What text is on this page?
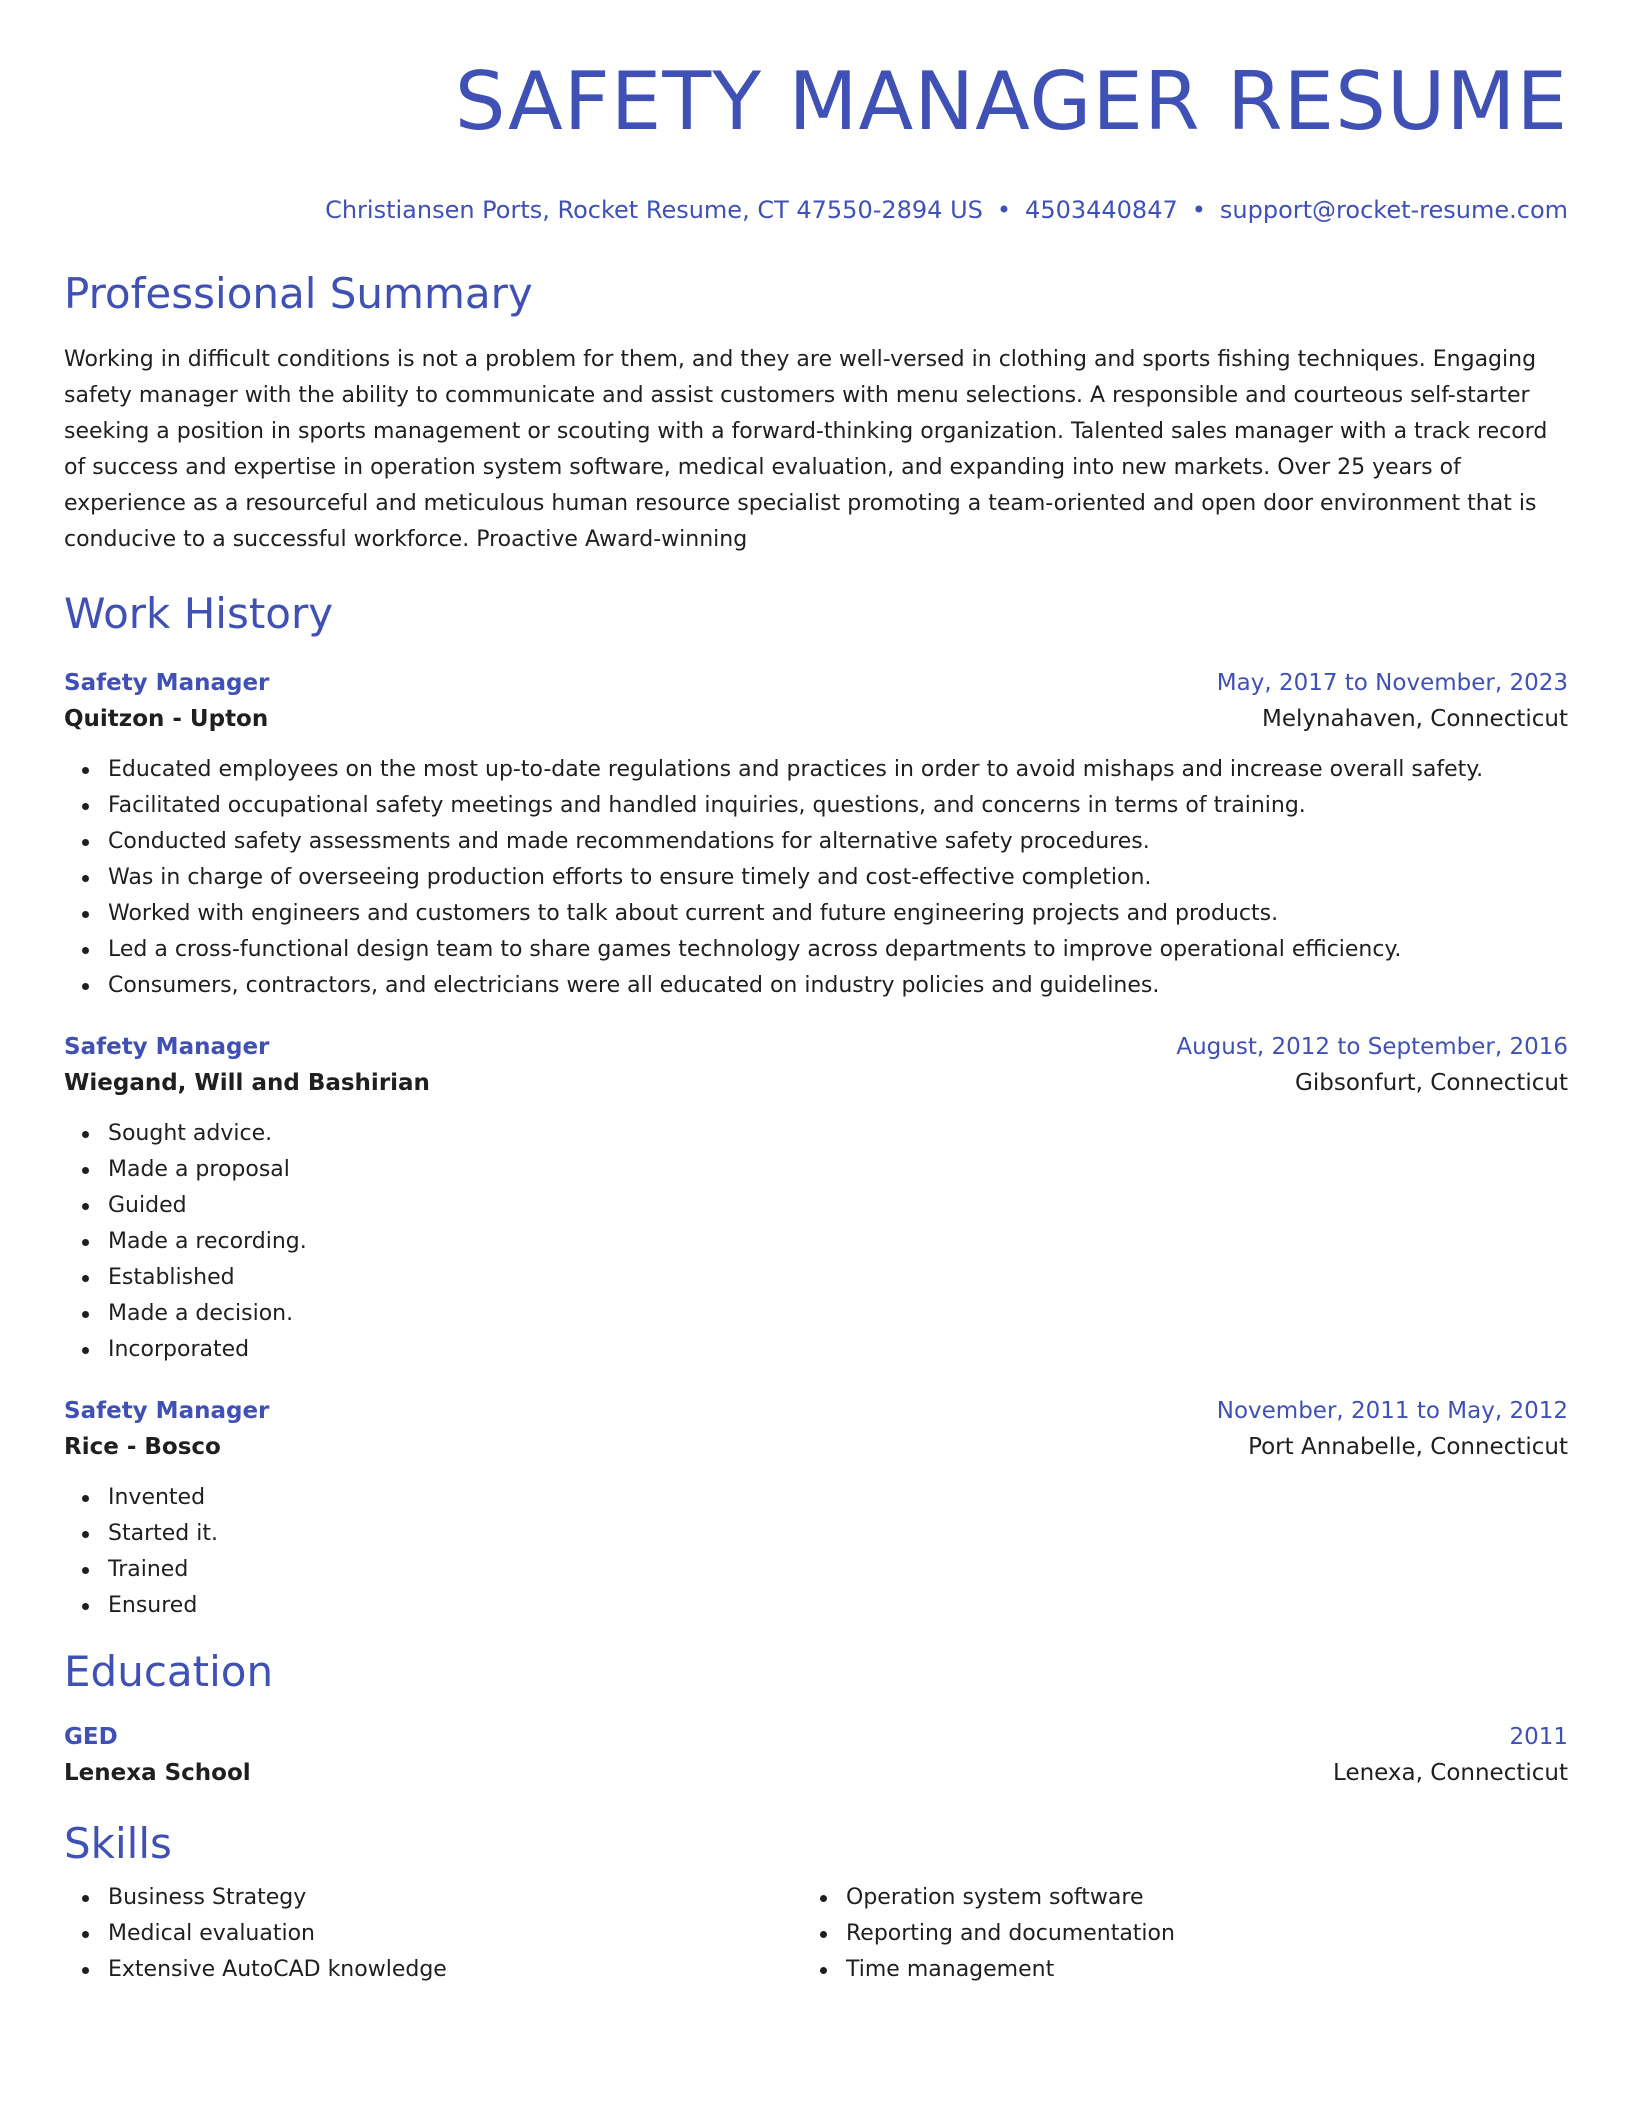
SAFETY MANAGER RESUME
Christiansen Ports, Rocket Resume, CT 47550-2894 US • 4503440847 • support@rocket-resume.com
Professional Summary
Working in difficult conditions is not a problem for them, and they are well-versed in clothing and sports fishing techniques. Engaging safety manager with the ability to communicate and assist customers with menu selections. A responsible and courteous self-starter seeking a position in sports management or scouting with a forward-thinking organization. Talented sales manager with a track record of success and expertise in operation system software, medical evaluation, and expanding into new markets. Over 25 years of experience as a resourceful and meticulous human resource specialist promoting a team-oriented and open door environment that is conducive to a successful workforce. Proactive Award-winning
Work History
Safety Manager	May, 2017 to November, 2023
Quitzon - Upton	Melynahaven, Connecticut
Educated employees on the most up-to-date regulations and practices in order to avoid mishaps and increase overall safety.
Facilitated occupational safety meetings and handled inquiries, questions, and concerns in terms of training.
Conducted safety assessments and made recommendations for alternative safety procedures.
Was in charge of overseeing production efforts to ensure timely and cost-effective completion.
Worked with engineers and customers to talk about current and future engineering projects and products.
Led a cross-functional design team to share games technology across departments to improve operational efficiency.
Consumers, contractors, and electricians were all educated on industry policies and guidelines.
Safety Manager	August, 2012 to September, 2016
Wiegand, Will and Bashirian	Gibsonfurt, Connecticut
Sought advice.
Made a proposal
Guided
Made a recording.
Established
Made a decision.
Incorporated
Safety Manager	November, 2011 to May, 2012
Rice - Bosco	Port Annabelle, Connecticut
Invented
Started it.
Trained
Ensured
Education
GED	2011
Lenexa School	Lenexa, Connecticut
Skills
Business Strategy
Medical evaluation
Extensive AutoCAD knowledge
Operation system software
Reporting and documentation
Time management
